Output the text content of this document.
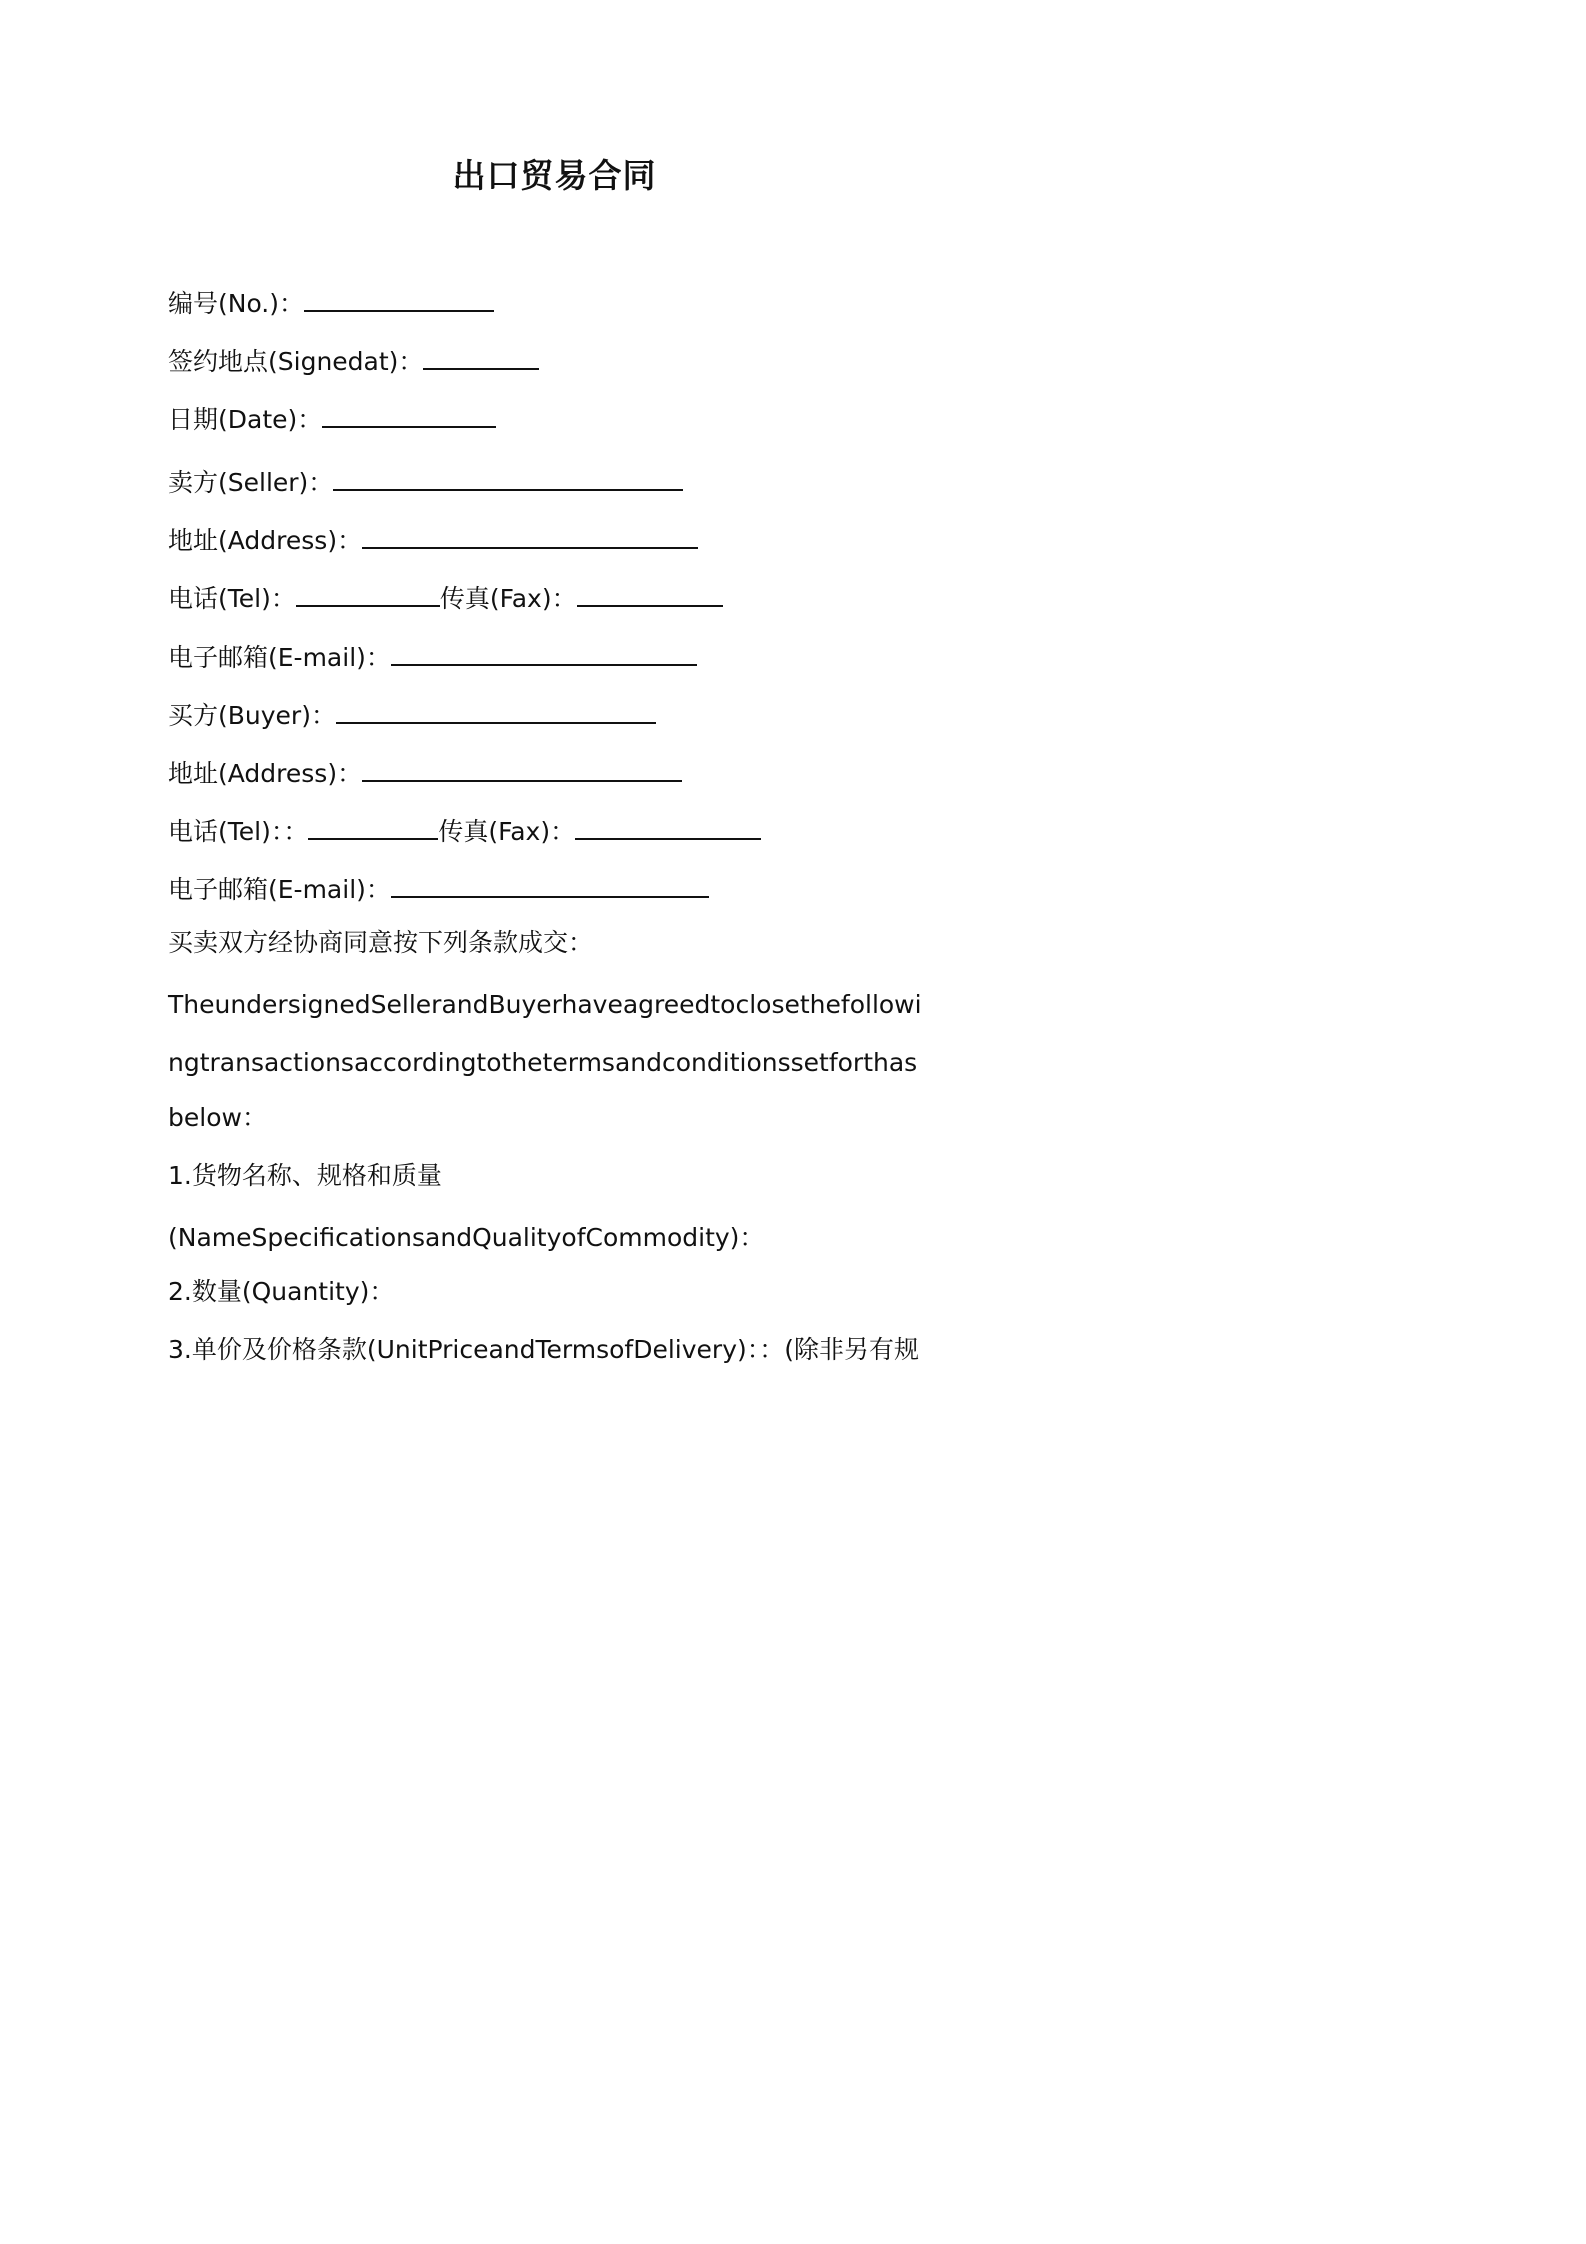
出口贸易合同
编号(No.)：
签约地点(Signedat)：
日期(Date)：
卖方(Seller)：
地址(Address)：
电话(Tel)：	传真(Fax)：
电子邮箱(E-mail)：
买方(Buyer)：
地址(Address)：
电话(Tel)：：	传真(Fax)：
电子邮箱(E-mail)：
买卖双方经协商同意按下列条款成交：
TheundersignedSellerandBuyerhaveagreedtoclosethefollowi
ngtransactionsaccordingtothetermsandconditionssetforthas
below：
1.货物名称、规格和质量
(NameSpecificationsandQualityofCommodity)：
2.数量(Quantity)：
3.单价及价格条款(UnitPriceandTermsofDelivery)：：(除非另有规
